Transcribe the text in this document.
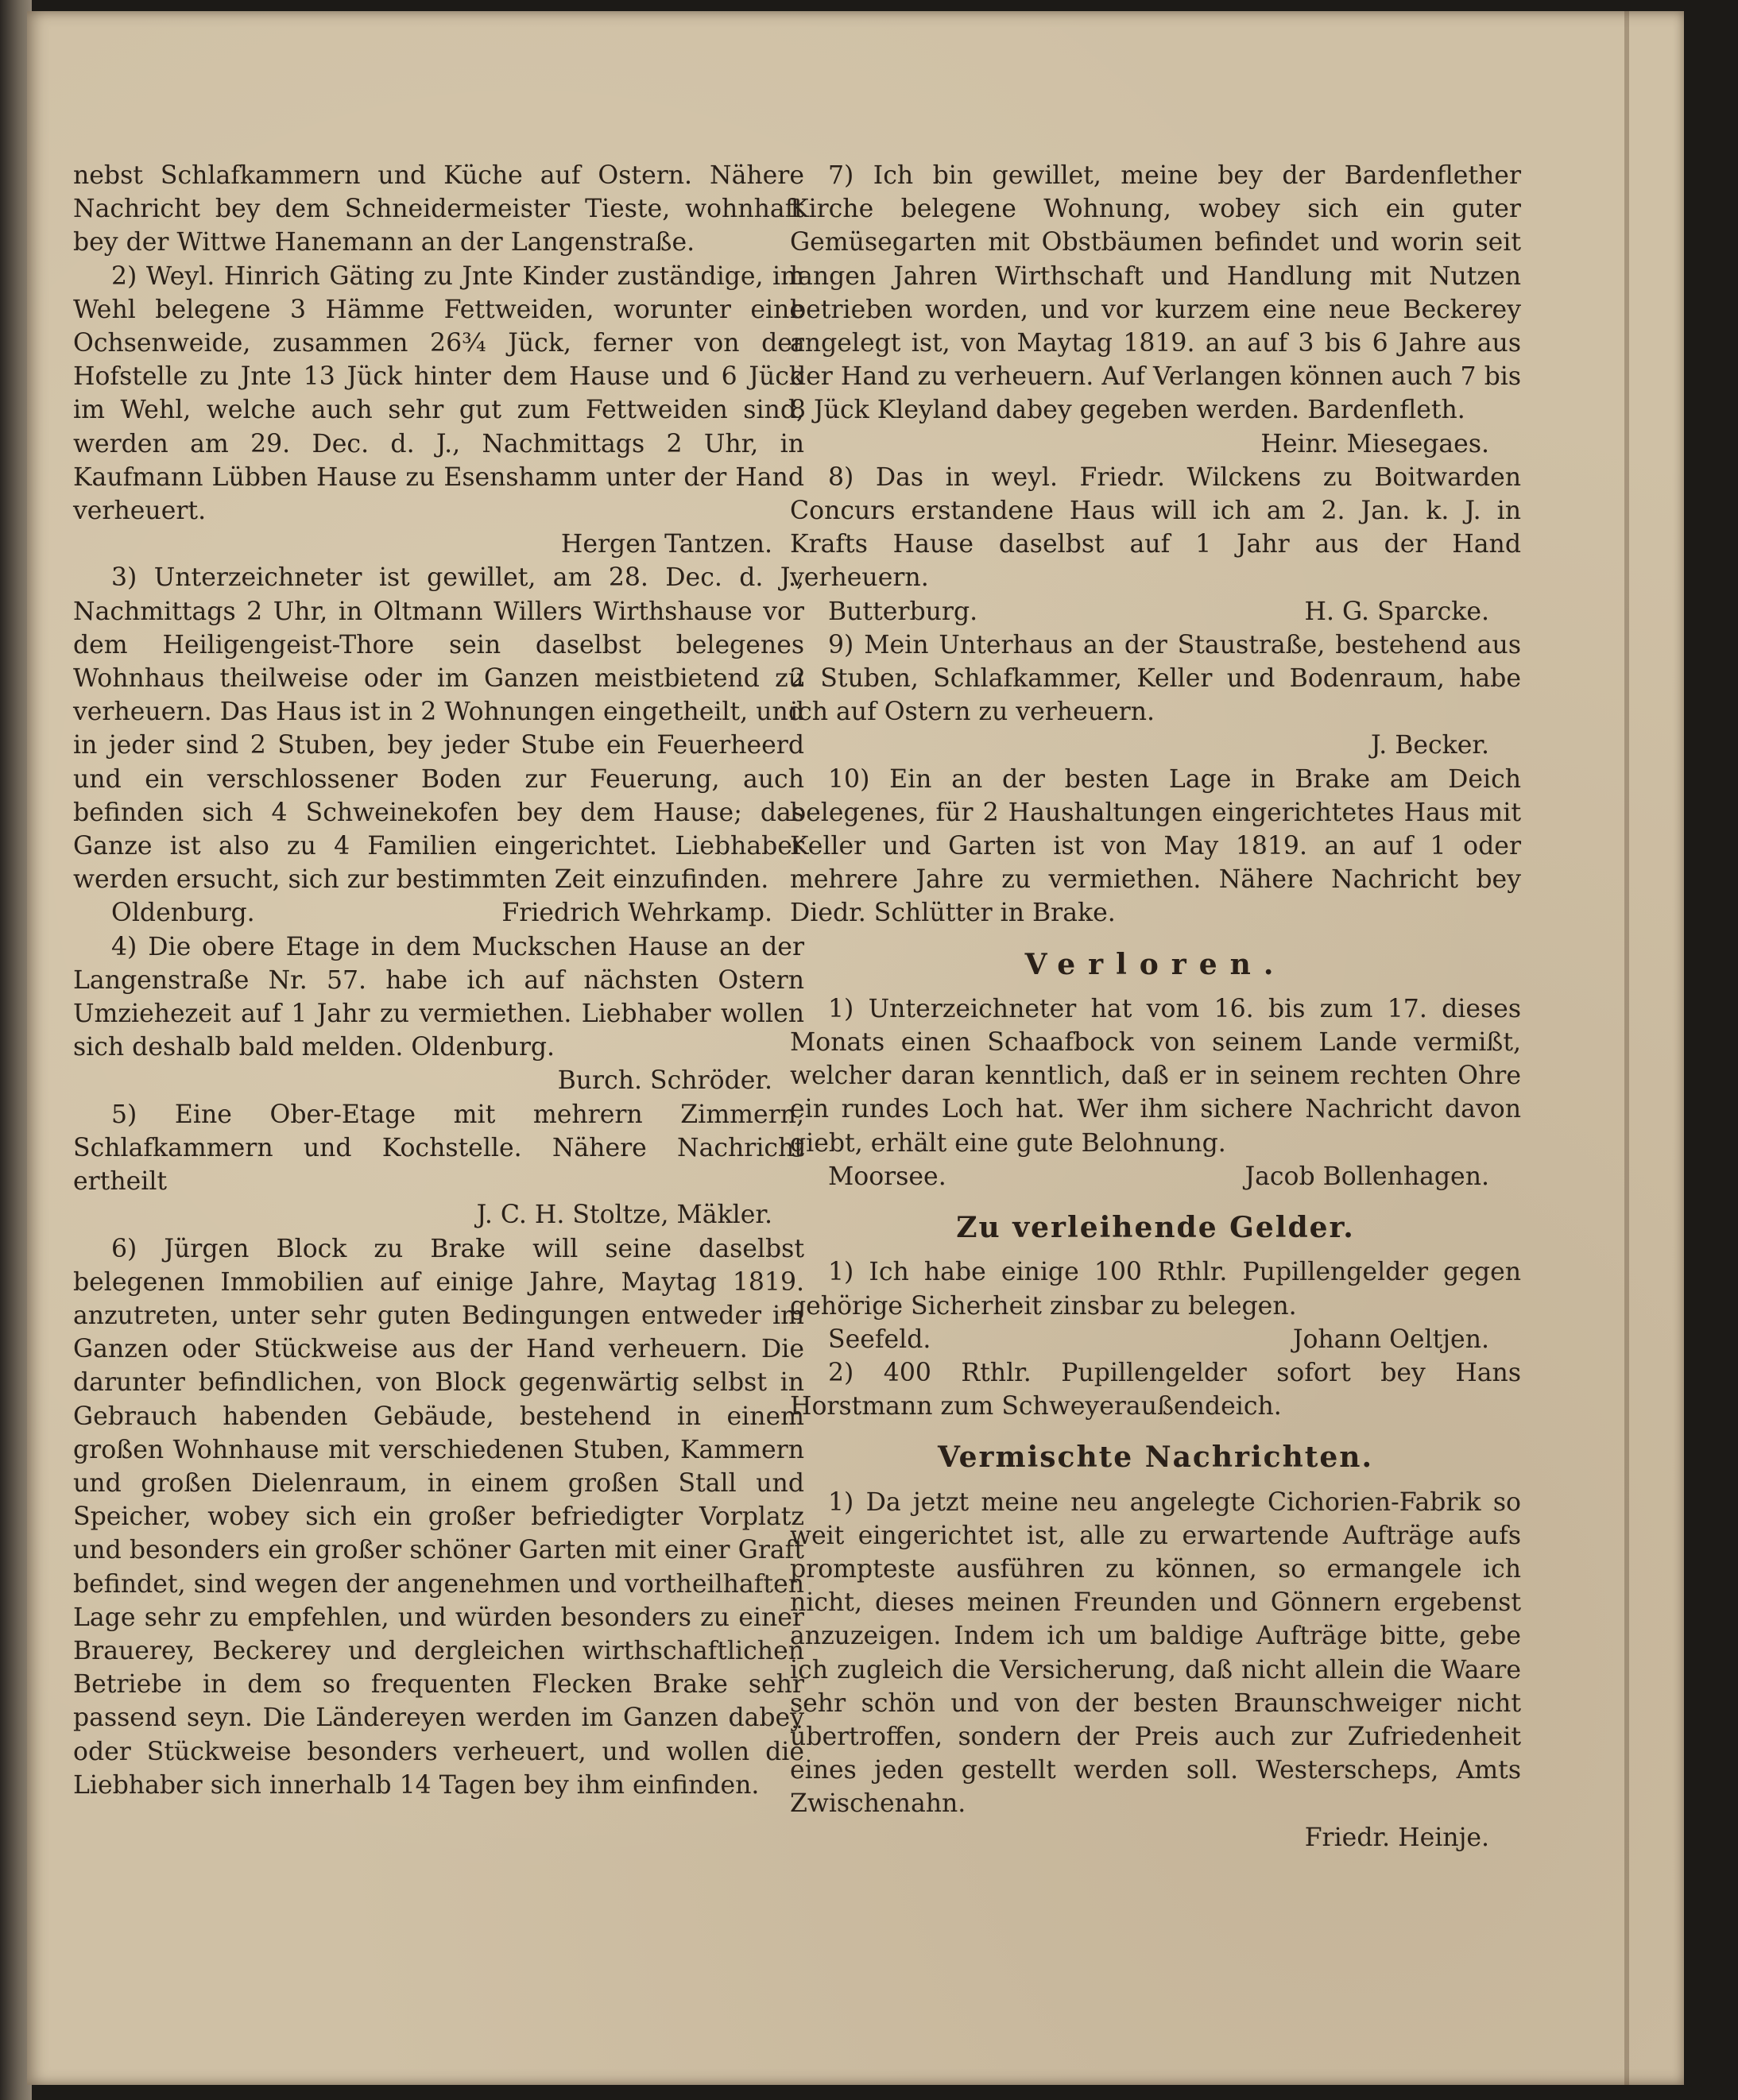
nebst Schlafkammern und Küche auf Ostern. Nähere Nachricht bey dem Schneidermeister Tieste, wohnhaft bey der Wittwe Hanemann an der Langenstraße.

2) Weyl. Hinrich Gäting zu Jnte Kinder zuständige, im Wehl belegene 3 Hämme Fettweiden, worunter eine Ochsenweide, zusammen 26¾ Jück, ferner von der Hofstelle zu Jnte 13 Jück hinter dem Hause und 6 Jück im Wehl, welche auch sehr gut zum Fettweiden sind, werden am 29. Dec. d. J., Nachmittags 2 Uhr, in Kaufmann Lübben Hause zu Esenshamm unter der Hand verheuert.

Hergen Tantzen.

3) Unterzeichneter ist gewillet, am 28. Dec. d. J., Nachmittags 2 Uhr, in Oltmann Willers Wirthshause vor dem Heiligengeist-Thore sein daselbst belegenes Wohnhaus theilweise oder im Ganzen meistbietend zu verheuern. Das Haus ist in 2 Wohnungen eingetheilt, und in jeder sind 2 Stuben, bey jeder Stube ein Feuerheerd und ein verschlossener Boden zur Feuerung, auch befinden sich 4 Schweinekofen bey dem Hause; das Ganze ist also zu 4 Familien eingerichtet. Liebhaber werden ersucht, sich zur bestimmten Zeit einzufinden.

Oldenburg.	Friedrich Wehrkamp.

4) Die obere Etage in dem Muckschen Hause an der Langenstraße Nr. 57. habe ich auf nächsten Ostern Umziehezeit auf 1 Jahr zu vermiethen. Liebhaber wollen sich deshalb bald melden. Oldenburg.

Burch. Schröder.

5) Eine Ober-Etage mit mehrern Zimmern, Schlafkammern und Kochstelle. Nähere Nachricht ertheilt

J. C. H. Stoltze, Mäkler.

6) Jürgen Block zu Brake will seine daselbst belegenen Immobilien auf einige Jahre, Maytag 1819. anzutreten, unter sehr guten Bedingungen entweder im Ganzen oder Stückweise aus der Hand verheuern. Die darunter befindlichen, von Block gegenwärtig selbst in Gebrauch habenden Gebäude, bestehend in einem großen Wohnhause mit verschiedenen Stuben, Kammern und großen Dielenraum, in einem großen Stall und Speicher, wobey sich ein großer befriedigter Vorplatz und besonders ein großer schöner Garten mit einer Graft befindet, sind wegen der angenehmen und vortheilhaften Lage sehr zu empfehlen, und würden besonders zu einer Brauerey, Beckerey und dergleichen wirthschaftlichen Betriebe in dem so frequenten Flecken Brake sehr passend seyn. Die Ländereyen werden im Ganzen dabey oder Stückweise besonders verheuert, und wollen die Liebhaber sich innerhalb 14 Tagen bey ihm einfinden.

7) Ich bin gewillet, meine bey der Bardenflether Kirche belegene Wohnung, wobey sich ein guter Gemüsegarten mit Obstbäumen befindet und worin seit langen Jahren Wirthschaft und Handlung mit Nutzen betrieben worden, und vor kurzem eine neue Beckerey angelegt ist, von Maytag 1819. an auf 3 bis 6 Jahre aus der Hand zu verheuern. Auf Verlangen können auch 7 bis 8 Jück Kleyland dabey gegeben werden. Bardenfleth.

Heinr. Miesegaes.

8) Das in weyl. Friedr. Wilckens zu Boitwarden Concurs erstandene Haus will ich am 2. Jan. k. J. in Krafts Hause daselbst auf 1 Jahr aus der Hand verheuern.

Butterburg.	H. G. Sparcke.

9) Mein Unterhaus an der Staustraße, bestehend aus 2 Stuben, Schlafkammer, Keller und Bodenraum, habe ich auf Ostern zu verheuern.

J. Becker.

10) Ein an der besten Lage in Brake am Deich belegenes, für 2 Haushaltungen eingerichtetes Haus mit Keller und Garten ist von May 1819. an auf 1 oder mehrere Jahre zu vermiethen. Nähere Nachricht bey Diedr. Schlütter in Brake.

Verloren.

1) Unterzeichneter hat vom 16. bis zum 17. dieses Monats einen Schaafbock von seinem Lande vermißt, welcher daran kenntlich, daß er in seinem rechten Ohre ein rundes Loch hat. Wer ihm sichere Nachricht davon giebt, erhält eine gute Belohnung.

Moorsee.	Jacob Bollenhagen.
Zu verleihende Gelder.

1) Ich habe einige 100 Rthlr. Pupillengelder gegen gehörige Sicherheit zinsbar zu belegen.

Seefeld.	Johann Oeltjen.

2) 400 Rthlr. Pupillengelder sofort bey Hans Horstmann zum Schweyeraußendeich.

Vermischte Nachrichten.

1) Da jetzt meine neu angelegte Cichorien-Fabrik so weit eingerichtet ist, alle zu erwartende Aufträge aufs prompteste ausführen zu können, so ermangele ich nicht, dieses meinen Freunden und Gönnern ergebenst anzuzeigen. Indem ich um baldige Aufträge bitte, gebe ich zugleich die Versicherung, daß nicht allein die Waare sehr schön und von der besten Braunschweiger nicht übertroffen, sondern der Preis auch zur Zufriedenheit eines jeden gestellt werden soll. Westerscheps, Amts Zwischenahn.

Friedr. Heinje.
